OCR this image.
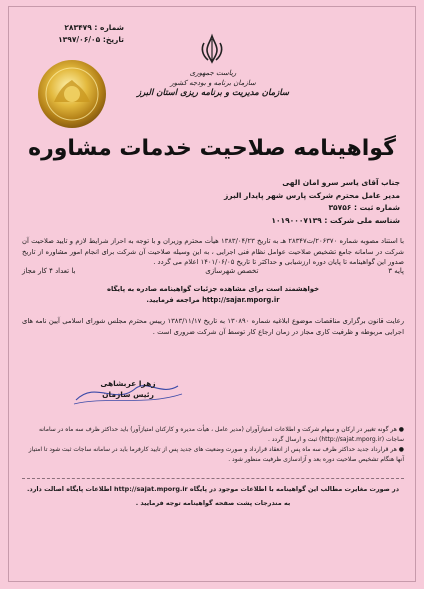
شماره : ۲۸۳۴۷۹
تاریخ: ۱۳۹۷/۰۶/۰۵
ریاست جمهوری
سازمان برنامه و بودجه کشور
سازمان مدیریت و برنامه ریزی استان البرز
گواهینامه صلاحیت خدمات مشاوره
جناب آقای یاسر سرو امان الهی
مدیر عامل محترم شرکت پارس شهر پایدار البرز
شماره ثبت : ۳۵۷۵۶
شناسه ملی شرکت : ۱۰۱۹۰۰۰۷۱۳۹
با استناد مصوبه شماره ۲۰۶۳۷۰/ت۲۸۳۴۷ هـ به تاریخ ۱۳۸۳/۰۴/۲۳ هیأت محترم وزیران و با توجه به احراز شرایط لازم و تایید صلاحیت آن شرکت در سامانه جامع تشخیص صلاحیت عوامل نظام فنی اجرایی ، به این وسیله صلاحیت آن شرکت برای انجام امور مشاوره از تاریخ صدور این گواهینامه تا پایان دوره ارزشیابی و حداکثر تا تاریخ ۱۴۰۱/۰۶/۰۵ اعلام می گردد .
پایه ۳
تخصص شهرسازی
با تعداد ۴ کار مجاز
خواهشمند است برای مشاهده جزئیات گواهینامه صادره به پایگاه
http://sajar.mporg.ir مراجعه فرمایید.
رعایت قانون برگزاری مناقصات موضوع ابلاغیه شماره ۱۳۰۸۹۰ به تاریخ ۱۳۸۳/۱۱/۱۷ رییس محترم مجلس شورای اسلامی آیین نامه های اجرایی مربوطه و ظرفیت کاری مجاز در زمان ارجاع کار توسط آن شرکت ضروری است .
زهرا عربشاهی
رئیس سازمان

● هر گونه تغییر در ارکان و سهام شرکت و اطلاعات امتیازآوران (مدیر عامل ، هیأت مدیره و کارکنان امتیازآور) باید حداکثر ظرف سه ماه در سامانه ساجات (http://sajat.mporg.ir) ثبت و ارسال گردد .

● هر قرارداد جدید حداکثر ظرف سه ماه پس از انعقاد قرارداد و صورت وضعیت های جدید پس از تایید کارفرما باید در سامانه ساجات ثبت شود تا امتیاز آنها هنگام تشخیص صلاحیت دوره بعد و آزادسازی ظرفیت منظور شود .

در صورت مغایرت مطالب این گواهینامه با اطلاعات موجود در پایگاه http://sajat.mporg.ir اطلاعات پایگاه اصالت دارد.
به مندرجات پشت صفحه گواهینامه توجه فرمایید .
